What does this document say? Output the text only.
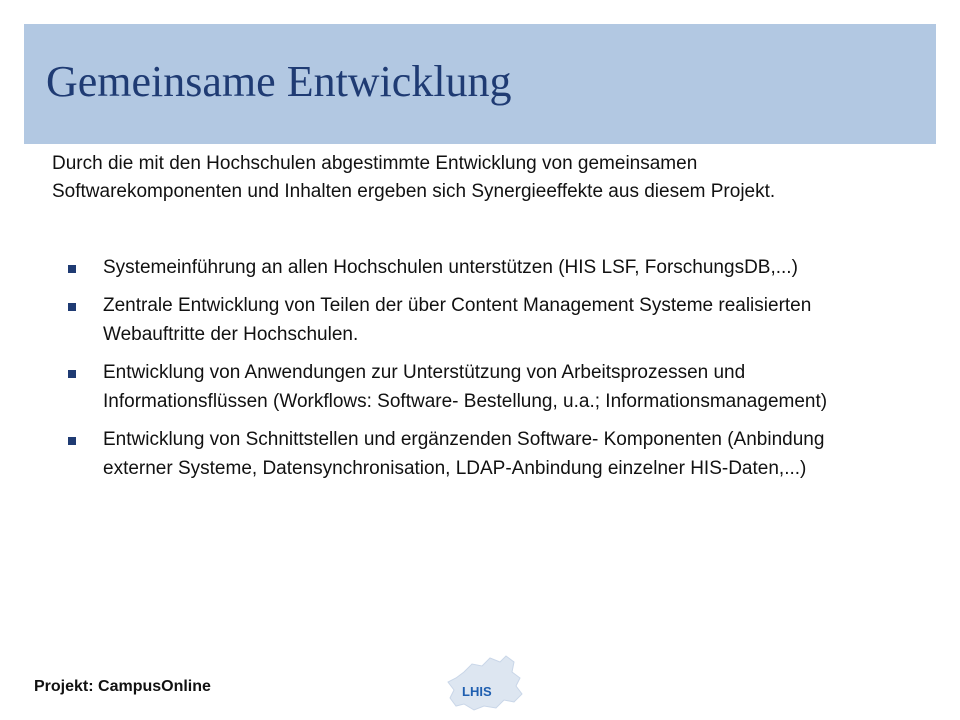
Gemeinsame Entwicklung

Durch die mit den Hochschulen abgestimmte Entwicklung von gemeinsamen Softwarekomponenten und Inhalten ergeben sich Synergieeffekte aus diesem Projekt.

Systemeinführung an allen Hochschulen unterstützen (HIS LSF, ForschungsDB,...)
Zentrale Entwicklung von Teilen der über Content Management Systeme realisierten Webauftritte der Hochschulen.
Entwicklung von Anwendungen zur Unterstützung von Arbeitsprozessen und Informationsflüssen (Workflows: Software- Bestellung, u.a.; Informationsmanagement)
Entwicklung von Schnittstellen und ergänzenden Software- Komponenten (Anbindung externer Systeme, Datensynchronisation, LDAP-Anbindung einzelner HIS-Daten,...)
Projekt: CampusOnline	LHIS
